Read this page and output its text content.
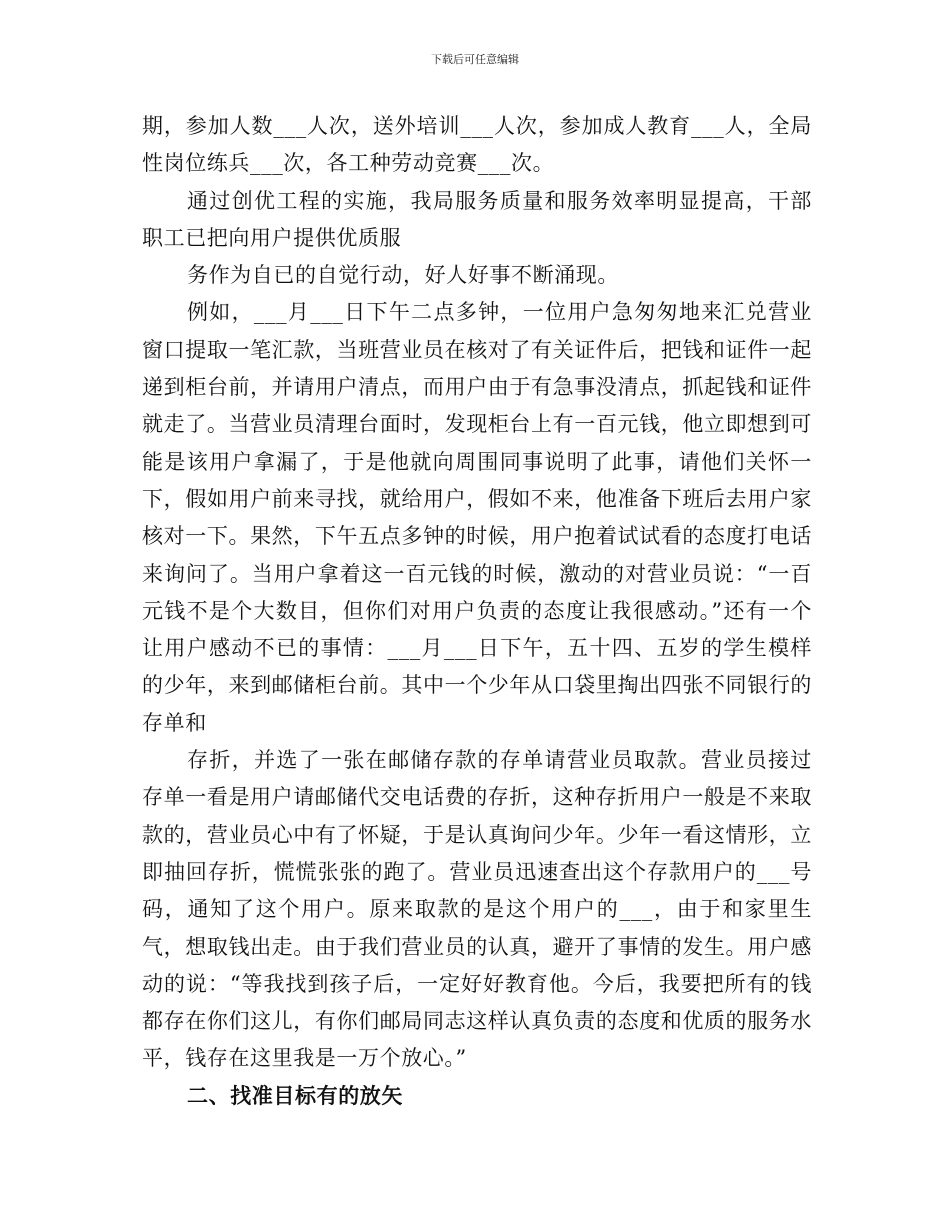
下载后可任意编辑

期，参加人数___人次，送外培训___人次，参加成人教育___人，全局性岗位练兵___次，各工种劳动竞赛___次。

通过创优工程的实施，我局服务质量和服务效率明显提高，干部职工已把向用户提供优质服

务作为自已的自觉行动，好人好事不断涌现。

例如，___月___日下午二点多钟，一位用户急匆匆地来汇兑营业窗口提取一笔汇款，当班营业员在核对了有关证件后，把钱和证件一起递到柜台前，并请用户清点，而用户由于有急事没清点，抓起钱和证件就走了。当营业员清理台面时，发现柜台上有一百元钱，他立即想到可能是该用户拿漏了，于是他就向周围同事说明了此事，请他们关怀一下，假如用户前来寻找，就给用户，假如不来，他准备下班后去用户家核对一下。果然，下午五点多钟的时候，用户抱着试试看的态度打电话来询问了。当用户拿着这一百元钱的时候，激动的对营业员说：“一百元钱不是个大数目，但你们对用户负责的态度让我很感动。”还有一个让用户感动不已的事情：___月___日下午，五十四、五岁的学生模样的少年，来到邮储柜台前。其中一个少年从口袋里掏出四张不同银行的存单和

存折，并选了一张在邮储存款的存单请营业员取款。营业员接过存单一看是用户请邮储代交电话费的存折，这种存折用户一般是不来取款的，营业员心中有了怀疑，于是认真询问少年。少年一看这情形，立即抽回存折，慌慌张张的跑了。营业员迅速查出这个存款用户的___号码，通知了这个用户。原来取款的是这个用户的___，由于和家里生气，想取钱出走。由于我们营业员的认真，避开了事情的发生。用户感动的说：“等我找到孩子后，一定好好教育他。今后，我要把所有的钱都存在你们这儿，有你们邮局同志这样认真负责的态度和优质的服务水平，钱存在这里我是一万个放心。”

二、找准目标有的放矢
